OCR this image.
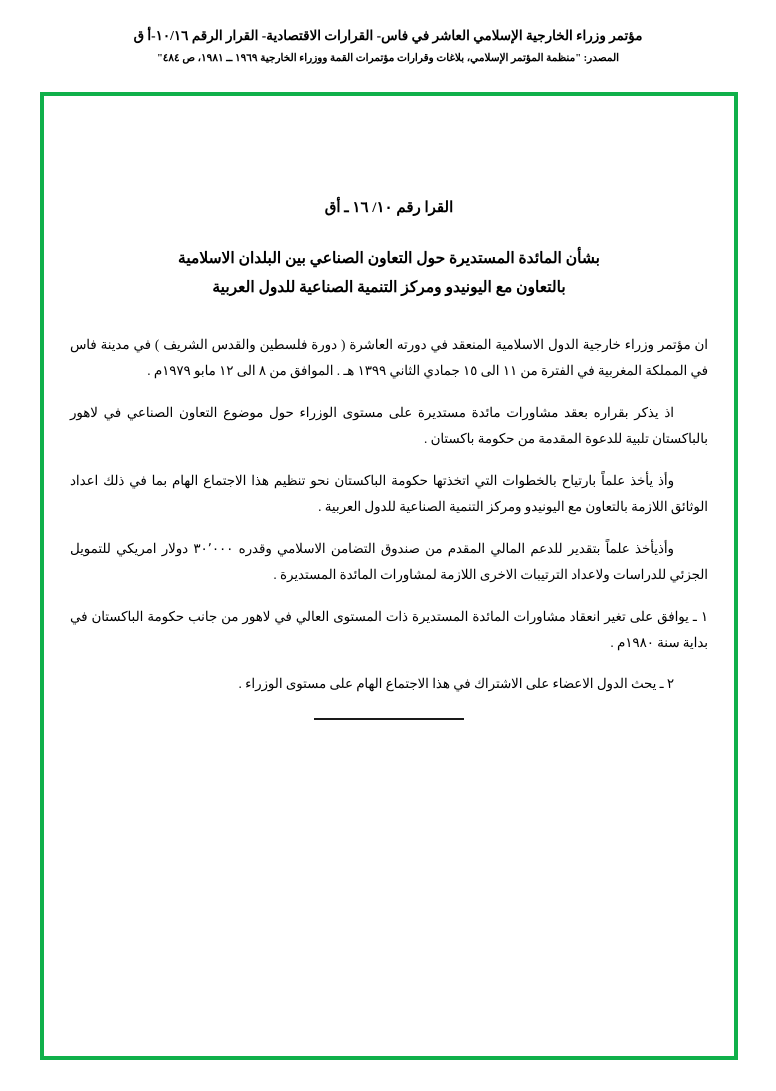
مؤتمر وزراء الخارجية الإسلامي العاشر في فاس- القرارات الاقتصادية- القرار الرقم ١٠/١٦-أ ق
المصدر: "منظمة المؤتمر الإسلامي، بلاغات وقرارات مؤتمرات القمة ووزراء الخارجية ١٩٦٩ ــ ١٩٨١، ص ٤٨٤"
القرا رقم ١٠/ ١٦ ـ أق
بشأن المائدة المستديرة حول التعاون الصناعي بين البلدان الاسلامية
بالتعاون مع اليونيدو ومركز التنمية الصناعية للدول العربية

ان مؤتمر وزراء خارجية الدول الاسلامية المنعقد في دورته العاشرة ( دورة فلسطين والقدس الشريف ) في مدينة فاس في المملكة المغربية في الفترة من ١١ الى ١٥ جمادي الثاني ١٣٩٩ هـ . الموافق من ٨ الى ١٢ مابو ١٩٧٩م .

اذ يذكر بقراره بعقد مشاورات مائدة مستديرة على مستوى الوزراء حول موضوع التعاون الصناعي في لاهور بالباكستان تلبية للدعوة المقدمة من حكومة باكستان .

وأذ يأخذ علماً بارتياح بالخطوات التي اتخذتها حكومة الباكستان نحو تنظيم هذا الاجتماع الهام بما في ذلك اعداد الوثائق اللازمة بالتعاون مع اليونيدو ومركز التنمية الصناعية للدول العربية .

وأذيأخذ علماً بتقدير للدعم المالي المقدم من صندوق التضامن الاسلامي وقدره ٣٠٬٠٠٠ دولار امريكي للتمويل الجزئي للدراسات ولاعداد الترتيبات الاخرى اللازمة لمشاورات المائدة المستديرة .

١ ـ يوافق على تغير انعقاد مشاورات المائدة المستديرة ذات المستوى العالي في لاهور من جانب حكومة الباكستان في بداية سنة ١٩٨٠م .

٢ ـ يحث الدول الاعضاء على الاشتراك في هذا الاجتماع الهام على مستوى الوزراء .
